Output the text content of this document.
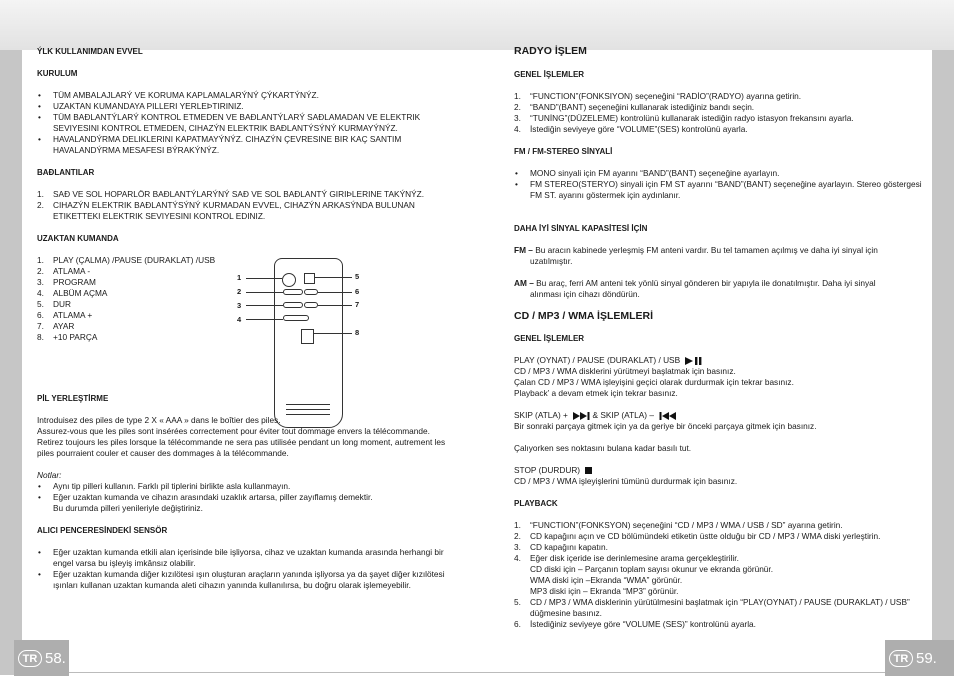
TR 58.	TR 59.

ÝLK KULLANIMDAN EVVEL

KURULUM

• TÜM AMBALAJLARÝ VE KORUMA KAPLAMALARÝNÝ ÇÝKARTÝNÝZ.
• UZAKTAN KUMANDAYA PILLERI YERLEÞTIRINIZ.
• TÜM BAÐLANTÝLARÝ KONTROL ETMEDEN VE BAÐLANTÝLARÝ SAÐLAMADAN VE ELEKTRIK SEVIYESINI KONTROL ETMEDEN, CIHAZÝN ELEKTRIK BAÐLANTÝSÝNÝ KURMAYÝNÝZ.
• HAVALANDÝRMA DELIKLERINI KAPATMAYÝNÝZ. CIHAZÝN ÇEVRESINE BIR KAÇ SANTIM HAVALANDÝRMA MESAFESI BÝRAKÝNÝZ.

BAÐLANTILAR

1. SAÐ VE SOL HOPARLÖR BAÐLANTÝLARÝNÝ SAÐ VE SOL BAÐLANTÝ GIRIÞLERINE TAKÝNÝZ.
2. CIHAZÝN ELEKTRIK BAÐLANTÝSÝNÝ KURMADAN EVVEL, CIHAZÝN ARKASÝNDA BULUNAN ETIKETTEKI ELEKTRIK SEVIYESINI KONTROL EDINIZ.

UZAKTAN KUMANDA

1. PLAY (ÇALMA) /PAUSE (DURAKLAT) /USB
2. ATLAMA -
3. PROGRAM
4. ALBÜM AÇMA
5. DUR
6. ATLAMA +
7. AYAR
8. +10 PARÇA

PİL YERLEŞTİRME

Introduisez des piles de type 2 X « AAA » dans le boîtier des piles.

Assurez-vous que les piles sont insérées correctement pour éviter tout dommage envers la télécommande.

Retirez toujours les piles lorsque la télécommande ne sera pas utilisée pendant un long moment, autrement les piles pourraient couler et causer des dommages à la télécommande.

Notlar:

• Aynı tip pilleri kullanın. Farklı pil tiplerini birlikte asla kullanmayın.
• Eğer uzaktan kumanda ve cihazın arasındaki uzaklık artarsa, piller zayıflamış demektir.

Bu durumda pilleri yenileriyle değiştiriniz.

ALICI PENCERESİNDEKİ SENSÖR

• Eğer uzaktan kumanda etkili alan içerisinde bile işliyorsa, cihaz ve uzaktan kumanda arasında herhangi bir engel varsa bu işleyiş imkânsız olabilir.
• Eğer uzaktan kumanda diğer kızılötesi ışın oluşturan araçların yanında işliyorsa ya da şayet diğer kızılötesi ışınları kullanan uzaktan kumanda aleti cihazın yanında kullanılırsa, bu doğru olarak işlemeyebilir.
1
2
3
4
5
6
7
8

RADYO İŞLEM

GENEL İŞLEMLER

1. “FUNCTION”(FONKSIYON) seçeneğini “RADİO”(RADYO) ayarına getirin.
2. “BAND”(BANT) seçeneğini kullanarak istediğiniz bandı seçin.
3. “TUNİNG”(DÜZELEME) kontrolünü kullanarak istediğin radyo istasyon frekansını ayarla.
4. İstediğin seviyeye göre “VOLUME”(SES) kontrolünü ayarla.

FM / FM-STEREO SİNYALİ

• MONO sinyali için FM ayarını “BAND”(BANT) seçeneğine ayarlayın.
• FM STEREO(STERYO) sinyali için FM ST ayarını “BAND”(BANT) seçeneğine ayarlayın. Stereo göstergesi FM ST. ayarını göstermek için aydınlanır.

DAHA İYİ SİNYAL KAPASİTESİ İÇİN

FM – Bu aracın kabinede yerleşmiş FM anteni vardır. Bu tel tamamen açılmış ve daha iyi sinyal için

uzatılmıştır.

AM – Bu araç, ferri AM anteni tek yönlü sinyal gönderen bir yapıyla ile donatılmıştır. Daha iyi sinyal

alınması için cihazı döndürün.

CD / MP3 / WMA İŞLEMLERİ

GENEL İŞLEMLER

PLAY (OYNAT) / PAUSE (DURAKLAT) / USB

CD / MP3 / WMA disklerini yürütmeyi başlatmak için basınız.

Çalan CD / MP3 / WMA işleyişini geçici olarak durdurmak için tekrar basınız.

Playback’ a devam etmek için tekrar basınız.

SKIP (ATLA) +	& SKIP (ATLA) –

Bir sonraki parçaya gitmek için ya da geriye bir önceki parçaya gitmek için basınız.

Çalıyorken ses noktasını bulana kadar basılı tut.

STOP (DURDUR)

CD / MP3 / WMA işleyişlerini tümünü durdurmak için basınız.

PLAYBACK

1. “FUNCTION”(FONKSYON) seçeneğini “CD / MP3 / WMA / USB / SD” ayarına getirin.
2. CD kapağını açın ve CD bölümündeki etiketin üstte olduğu bir CD / MP3 / WMA diski yerleştirin.
3. CD kapağını kapatın.
4. Eğer disk içeride ise derinlemesine arama gerçekleştirilir.

CD diski için – Parçanın toplam sayısı okunur ve ekranda görünür.

WMA diski için –Ekranda “WMA” görünür.

MP3 diski için – Ekranda “MP3” görünür.

5. CD / MP3 / WMA disklerinin yürütülmesini başlatmak için “PLAY(OYNAT) / PAUSE (DURAKLAT) / USB” düğmesine basınız.
6. İstediğiniz seviyeye göre “VOLUME (SES)” kontrolünü ayarla.
